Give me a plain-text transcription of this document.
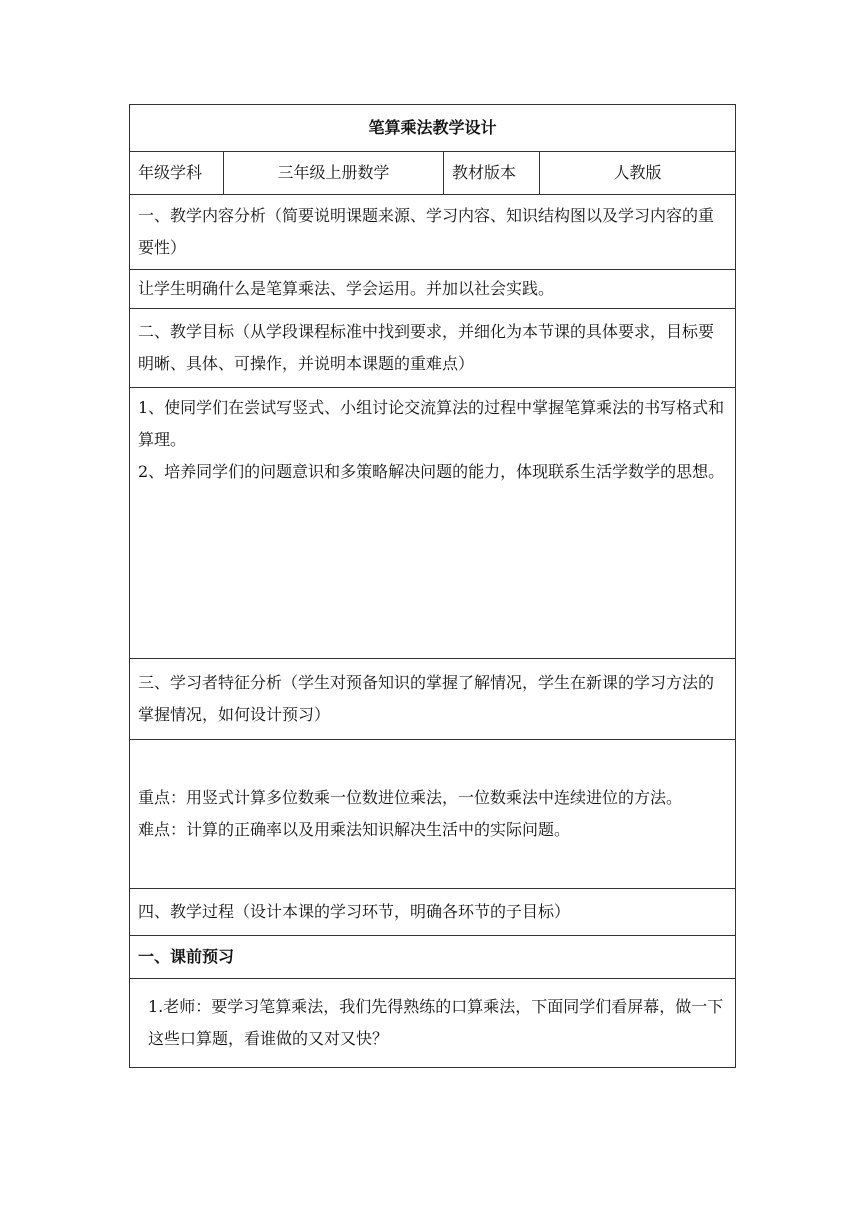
笔算乘法教学设计
年级学科	三年级上册数学	教材版本	人教版
一、教学内容分析（简要说明课题来源、学习内容、知识结构图以及学习内容的重要性）
让学生明确什么是笔算乘法、学会运用。并加以社会实践。
二、教学目标（从学段课程标准中找到要求，并细化为本节课的具体要求，目标要明晰、具体、可操作，并说明本课题的重难点）

1、使同学们在尝试写竖式、小组讨论交流算法的过程中掌握笔算乘法的书写格式和算理。

2、培养同学们的问题意识和多策略解决问题的能力，体现联系生活学数学的思想。

三、学习者特征分析（学生对预备知识的掌握了解情况，学生在新课的学习方法的掌握情况，如何设计预习）

重点：用竖式计算多位数乘一位数进位乘法，一位数乘法中连续进位的方法。

难点：计算的正确率以及用乘法知识解决生活中的实际问题。

四、教学过程（设计本课的学习环节，明确各环节的子目标）
一、课前预习

1.老师：要学习笔算乘法，我们先得熟练的口算乘法，下面同学们看屏幕，做一下这些口算题，看谁做的又对又快？
